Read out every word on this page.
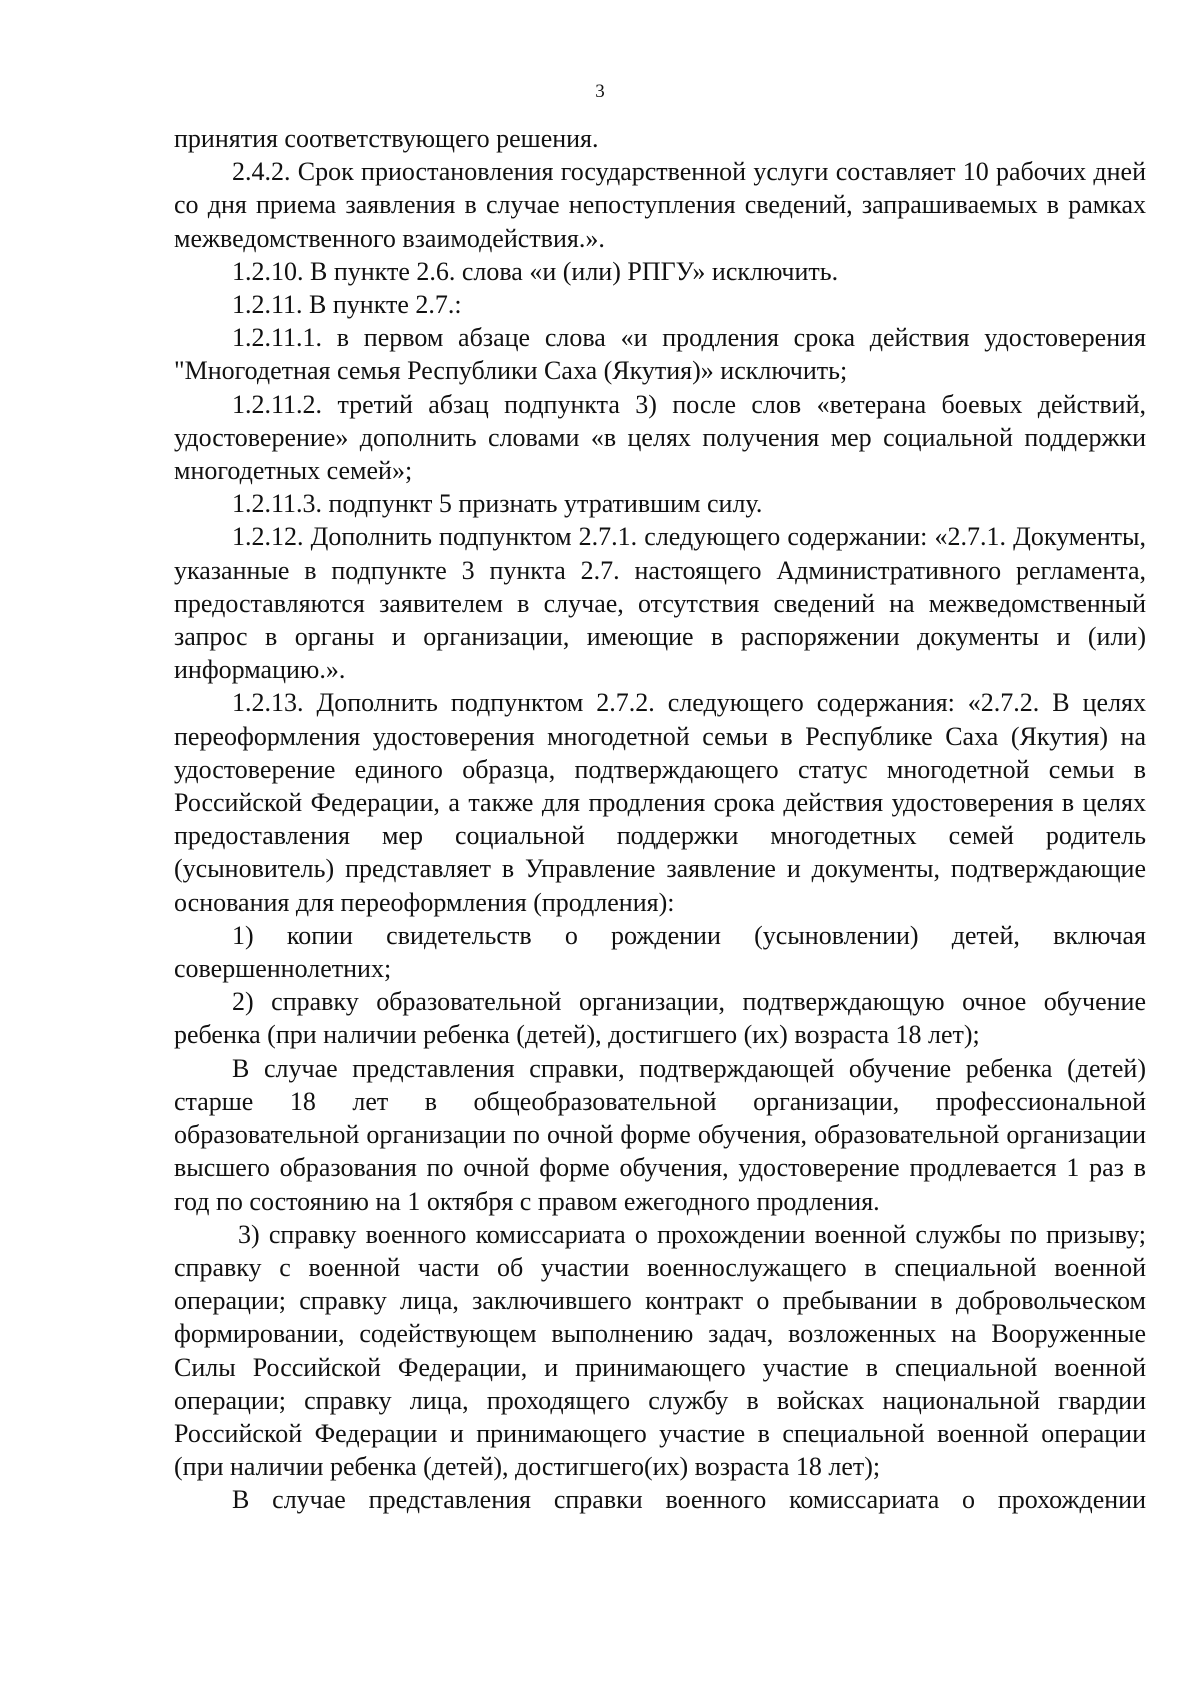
3

принятия соответствующего решения.

2.4.2. Срок приостановления государственной услуги составляет 10 рабочих дней со дня приема заявления в случае непоступления сведений, запрашиваемых в рамках межведомственного взаимодействия.».

1.2.10. В пункте 2.6. слова «и (или) РПГУ» исключить.

1.2.11. В пункте 2.7.:

1.2.11.1. в первом абзаце слова «и продления срока действия удостоверения "Многодетная семья Республики Саха (Якутия)» исключить;

1.2.11.2. третий абзац подпункта 3) после слов «ветерана боевых действий, удостоверение» дополнить словами «в целях получения мер социальной поддержки многодетных семей»;

1.2.11.3. подпункт 5 признать утратившим силу.

1.2.12. Дополнить подпунктом 2.7.1. следующего содержании: «2.7.1. Документы, указанные в подпункте 3 пункта 2.7. настоящего Административного регламента, предоставляются заявителем в случае, отсутствия сведений на межведомственный запрос в органы и организации, имеющие в распоряжении документы и (или) информацию.».

1.2.13. Дополнить подпунктом 2.7.2. следующего содержания: «2.7.2. В целях переоформления удостоверения многодетной семьи в Республике Саха (Якутия) на удостоверение единого образца, подтверждающего статус многодетной семьи в Российской Федерации, а также для продления срока действия удостоверения в целях предоставления мер социальной поддержки многодетных семей родитель (усыновитель) представляет в Управление заявление и документы, подтверждающие основания для переоформления (продления):

1) копии свидетельств о рождении (усыновлении) детей, включая совершеннолетних;

2) справку образовательной организации, подтверждающую очное обучение ребенка (при наличии ребенка (детей), достигшего (их) возраста 18 лет);

В случае представления справки, подтверждающей обучение ребенка (детей) старше 18 лет в общеобразовательной организации, профессиональной образовательной организации по очной форме обучения, образовательной организации высшего образования по очной форме обучения, удостоверение продлевается 1 раз в год по состоянию на 1 октября с правом ежегодного продления.

3) справку военного комиссариата о прохождении военной службы по призыву; справку с военной части об участии военнослужащего в специальной военной операции; справку лица, заключившего контракт о пребывании в добровольческом формировании, содействующем выполнению задач, возложенных на Вооруженные Силы Российской Федерации, и принимающего участие в специальной военной операции; справку лица, проходящего службу в войсках национальной гвардии Российской Федерации и принимающего участие в специальной военной операции (при наличии ребенка (детей), достигшего(их) возраста 18 лет);

В случае представления справки военного комиссариата о прохождении
